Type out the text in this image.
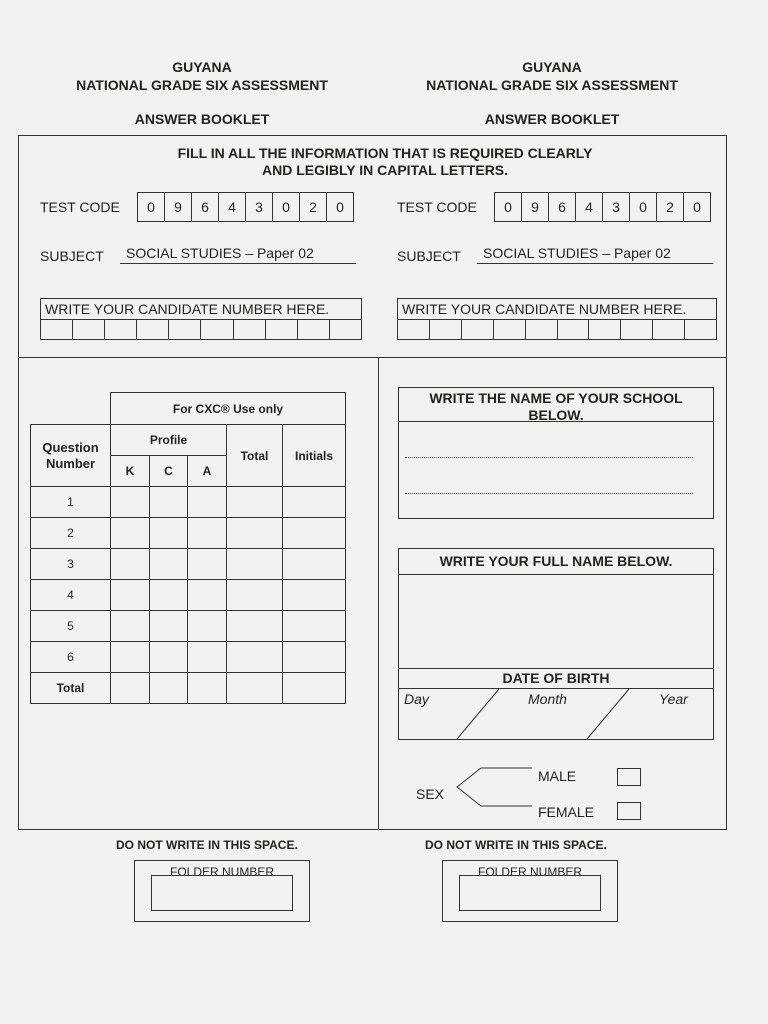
GUYANA
NATIONAL GRADE SIX ASSESSMENT
GUYANA
NATIONAL GRADE SIX ASSESSMENT
ANSWER BOOKLET	ANSWER BOOKLET
FILL IN ALL THE INFORMATION THAT IS REQUIRED CLEARLY
AND LEGIBLY IN CAPITAL LETTERS.
TEST CODE	0	9	6	4	3	0	2	0	TEST CODE	0	9	6	4	3	0	2	0
SUBJECT	SOCIAL STUDIES – Paper 02	SUBJECT	SOCIAL STUDIES – Paper 02
WRITE YOUR CANDIDATE NUMBER HERE.	WRITE YOUR CANDIDATE NUMBER HERE.
	For CXC® Use only				
Question Number	Profile			Total	Initials
	K	C	A		
1					
2					
3					
4					
5					
6					
Total					
WRITE THE NAME OF YOUR SCHOOL BELOW.
WRITE YOUR FULL NAME BELOW.
DATE OF BIRTH
Day	Month	Year
SEX
MALE
FEMALE
DO NOT WRITE IN THIS SPACE.	DO NOT WRITE IN THIS SPACE.
FOLDER NUMBER	FOLDER NUMBER
